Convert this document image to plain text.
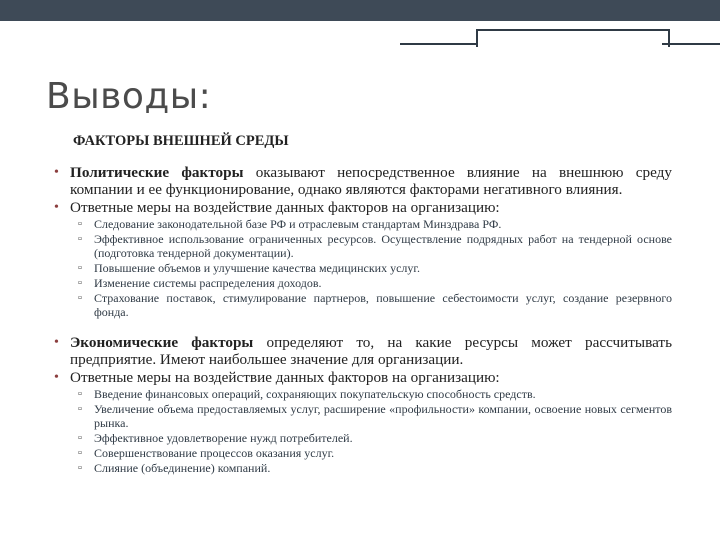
Выводы:
ФАКТОРЫ ВНЕШНЕЙ СРЕДЫ
• Политические факторы оказывают непосредственное влияние на внешнюю среду компании и ее функционирование, однако являются факторами негативного влияния.
• Ответные меры на воздействие данных факторов на организацию:
▫ Следование законодательной базе РФ и отраслевым стандартам Минздрава РФ.
▫ Эффективное использование ограниченных ресурсов. Осуществление подрядных работ на тендерной основе (подготовка тендерной документации).
▫ Повышение объемов и улучшение качества медицинских услуг.
▫ Изменение системы распределения доходов.
▫ Страхование поставок, стимулирование партнеров, повышение себестоимости услуг, создание резервного фонда.
• Экономические факторы определяют то, на какие ресурсы может рассчитывать предприятие. Имеют наибольшее значение для организации.
• Ответные меры на воздействие данных факторов на организацию:
▫ Введение финансовых операций, сохраняющих покупательскую способность средств.
▫ Увеличение объема предоставляемых услуг, расширение «профильности» компании, освоение новых сегментов рынка.
▫ Эффективное удовлетворение нужд потребителей.
▫ Совершенствование процессов оказания услуг.
▫ Слияние (объединение) компаний.
